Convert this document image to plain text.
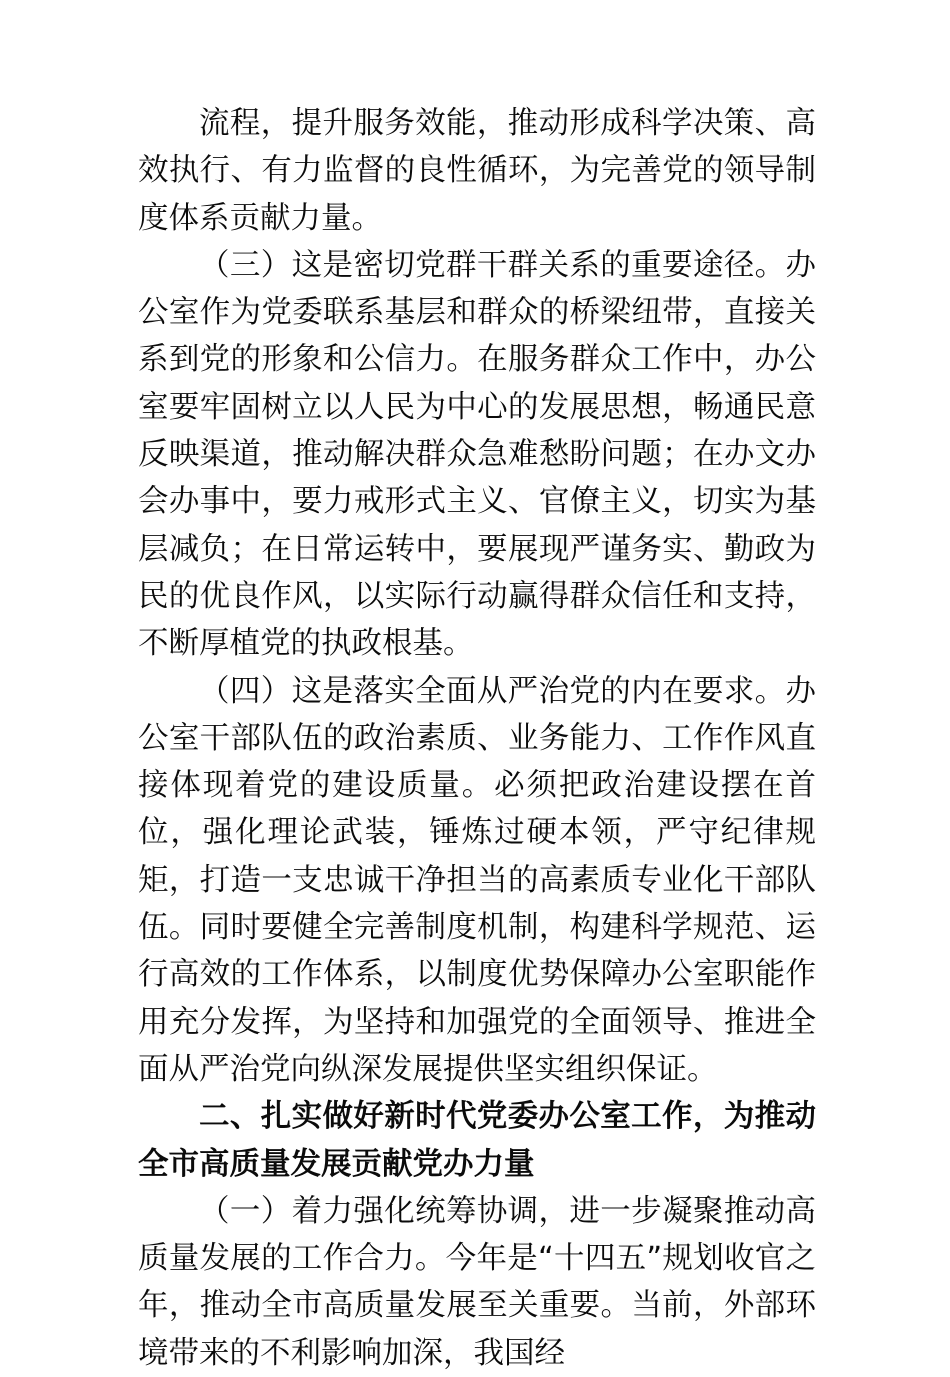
流程，提升服务效能，推动形成科学决策、高效执行、有力监督的良性循环，为完善党的领导制度体系贡献力量。

（三）这是密切党群干群关系的重要途径。办公室作为党委联系基层和群众的桥梁纽带，直接关系到党的形象和公信力。在服务群众工作中，办公室要牢固树立以人民为中心的发展思想，畅通民意反映渠道，推动解决群众急难愁盼问题；在办文办会办事中，要力戒形式主义、官僚主义，切实为基层减负；在日常运转中，要展现严谨务实、勤政为民的优良作风，以实际行动赢得群众信任和支持，不断厚植党的执政根基。

（四）这是落实全面从严治党的内在要求。办公室干部队伍的政治素质、业务能力、工作作风直接体现着党的建设质量。必须把政治建设摆在首位，强化理论武装，锤炼过硬本领，严守纪律规矩，打造一支忠诚干净担当的高素质专业化干部队伍。同时要健全完善制度机制，构建科学规范、运行高效的工作体系，以制度优势保障办公室职能作用充分发挥，为坚持和加强党的全面领导、推进全面从严治党向纵深发展提供坚实组织保证。

二、扎实做好新时代党委办公室工作，为推动全市高质量发展贡献党办力量

（一）着力强化统筹协调，进一步凝聚推动高质量发展的工作合力。今年是“十四五”规划收官之年，推动全市高质量发展至关重要。当前，外部环境带来的不利影响加深，我国经
